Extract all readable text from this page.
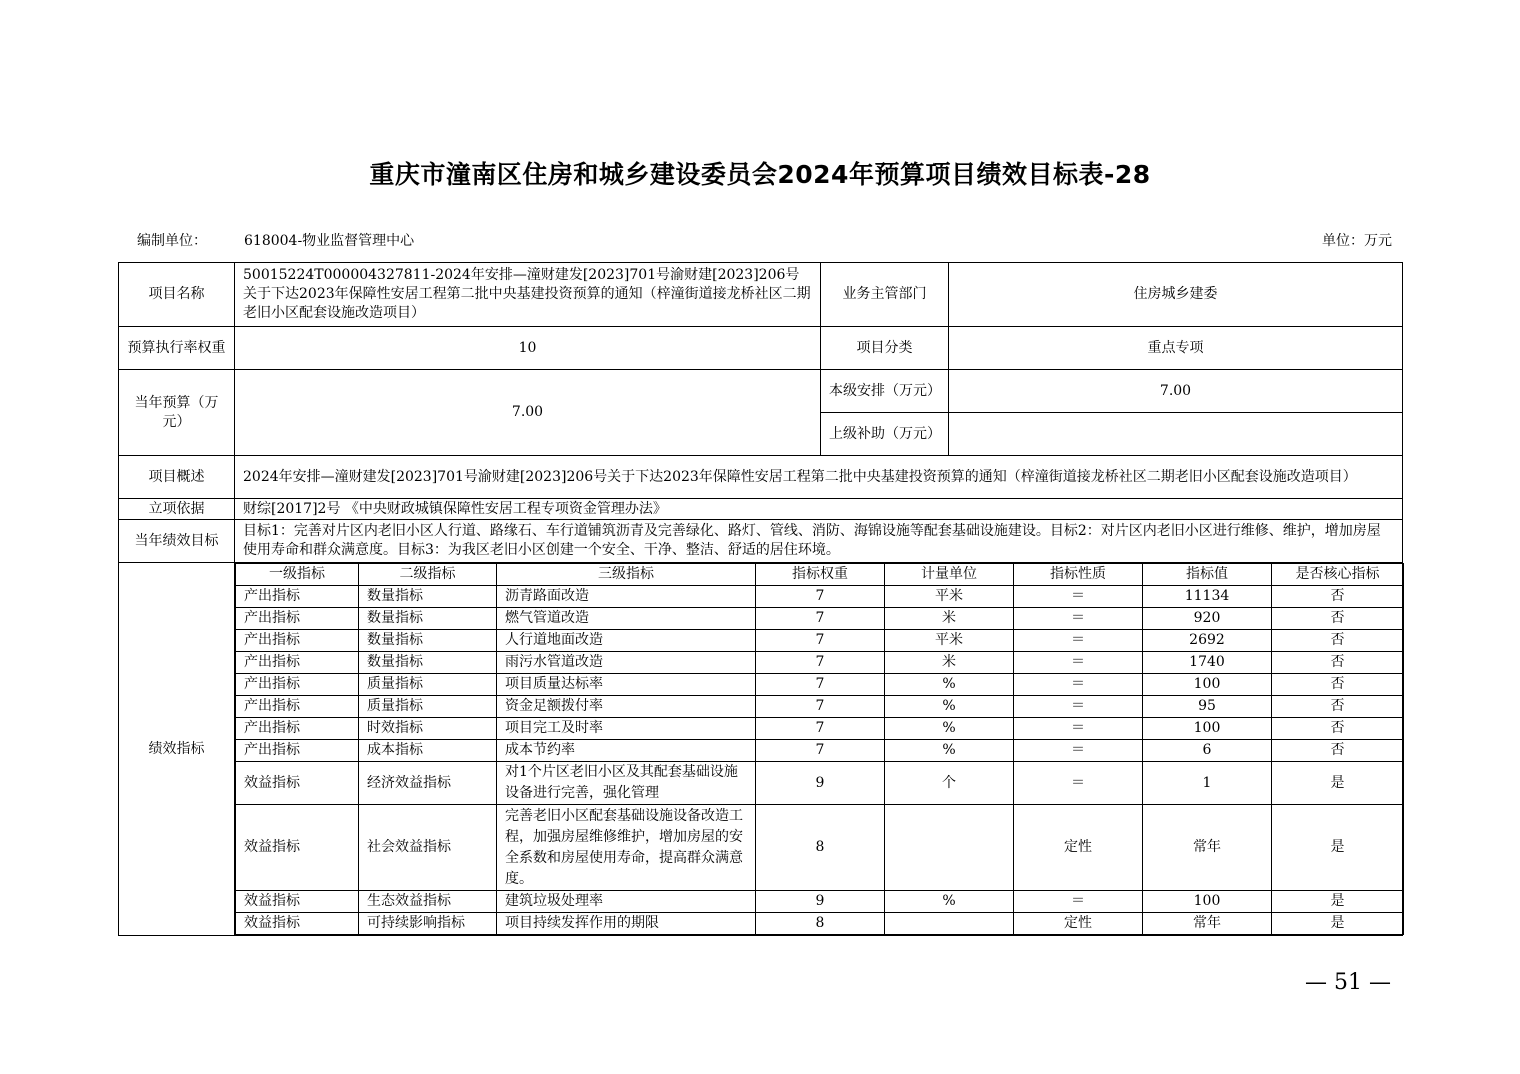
重庆市潼南区住房和城乡建设委员会2024年预算项目绩效目标表-28
编制单位：	618004-物业监督管理中心	单位：万元
项目名称	50015224T000004327811-2024年安排—潼财建发[2023]701号渝财建[2023]206号关于下达2023年保障性安居工程第二批中央基建投资预算的通知（梓潼街道接龙桥社区二期老旧小区配套设施改造项目）	业务主管部门	住房城乡建委
预算执行率权重	10	项目分类	重点专项
当年预算（万元）	7.00	本级安排（万元）	7.00
上级补助（万元）	
项目概述	2024年安排—潼财建发[2023]701号渝财建[2023]206号关于下达2023年保障性安居工程第二批中央基建投资预算的通知（梓潼街道接龙桥社区二期老旧小区配套设施改造项目）
立项依据	财综[2017]2号 《中央财政城镇保障性安居工程专项资金管理办法》
当年绩效目标	目标1：完善对片区内老旧小区人行道、路缘石、车行道铺筑沥青及完善绿化、路灯、管线、消防、海锦设施等配套基础设施建设。目标2：对片区内老旧小区进行维修、维护，增加房屋使用寿命和群众满意度。目标3：为我区老旧小区创建一个安全、干净、整洁、舒适的居住环境。
绩效指标	
一级指标	二级指标	三级指标	指标权重	计量单位	指标性质	指标值	是否核心指标
产出指标	数量指标	沥青路面改造	7	平米	＝	11134	否
产出指标	数量指标	燃气管道改造	7	米	＝	920	否
产出指标	数量指标	人行道地面改造	7	平米	＝	2692	否
产出指标	数量指标	雨污水管道改造	7	米	＝	1740	否
产出指标	质量指标	项目质量达标率	7	%	＝	100	否
产出指标	质量指标	资金足额拨付率	7	%	＝	95	否
产出指标	时效指标	项目完工及时率	7	%	＝	100	否
产出指标	成本指标	成本节约率	7	%	＝	6	否
效益指标	经济效益指标	对1个片区老旧小区及其配套基础设施设备进行完善，强化管理	9	个	＝	1	是
效益指标	社会效益指标	完善老旧小区配套基础设施设备改造工程，加强房屋维修维护，增加房屋的安全系数和房屋使用寿命，提高群众满意度。	8		定性	常年	是
效益指标	生态效益指标	建筑垃圾处理率	9	%	＝	100	是
效益指标	可持续影响指标	项目持续发挥作用的期限	8		定性	常年	是
— 51 —
